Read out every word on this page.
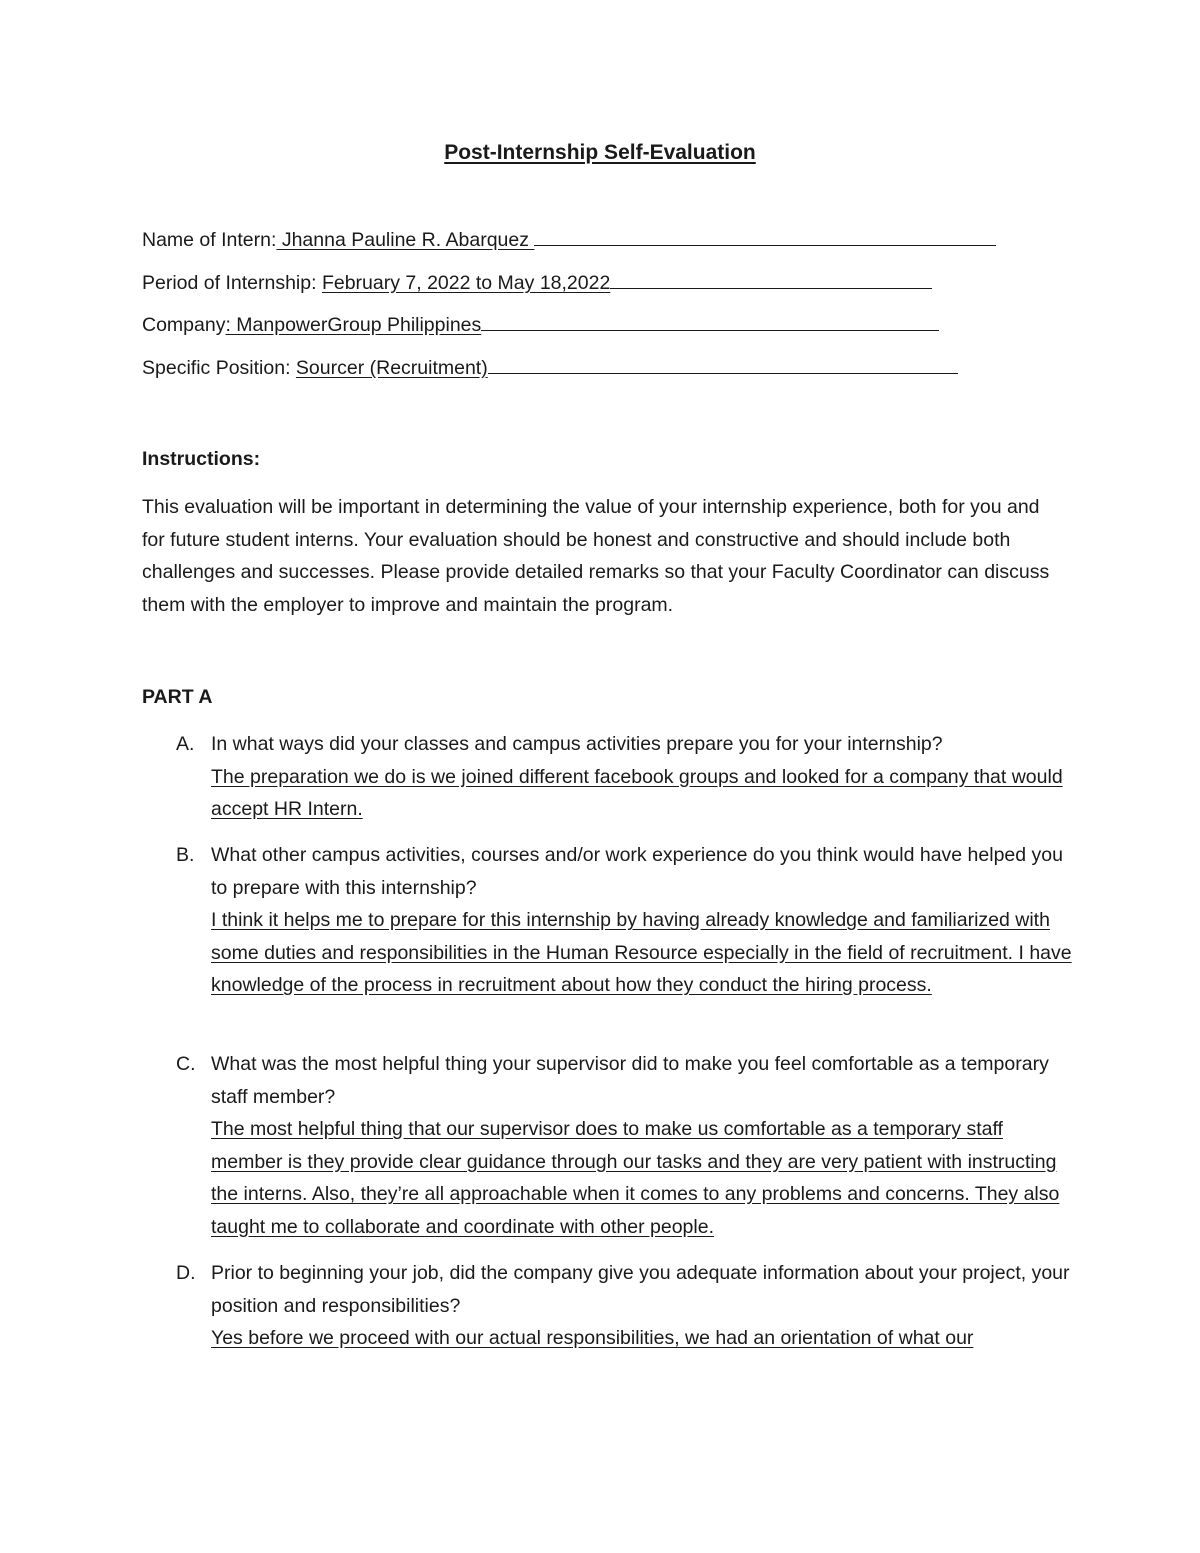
Post-Internship Self-Evaluation
Name of Intern: Jhanna Pauline R. Abarquez
Period of Internship: February 7, 2022 to May 18,2022
Company: ManpowerGroup Philippines
Specific Position: Sourcer (Recruitment)
Instructions:
This evaluation will be important in determining the value of your internship experience, both for you and for future student interns. Your evaluation should be honest and constructive and should include both challenges and successes. Please provide detailed remarks so that your Faculty Coordinator can discuss them with the employer to improve and maintain the program.
PART A
A. In what ways did your classes and campus activities prepare you for your internship?
The preparation we do is we joined different facebook groups and looked for a company that would accept HR Intern.
B. What other campus activities, courses and/or work experience do you think would have helped you to prepare with this internship?
I think it helps me to prepare for this internship by having already knowledge and familiarized with some duties and responsibilities in the Human Resource especially in the field of recruitment. I have knowledge of the process in recruitment about how they conduct the hiring process.
C. What was the most helpful thing your supervisor did to make you feel comfortable as a temporary staff member?
The most helpful thing that our supervisor does to make us comfortable as a temporary staff member is they provide clear guidance through our tasks and they are very patient with instructing the interns. Also, they’re all approachable when it comes to any problems and concerns. They also taught me to collaborate and coordinate with other people.
D. Prior to beginning your job, did the company give you adequate information about your project, your position and responsibilities?
Yes before we proceed with our actual responsibilities, we had an orientation of what our
